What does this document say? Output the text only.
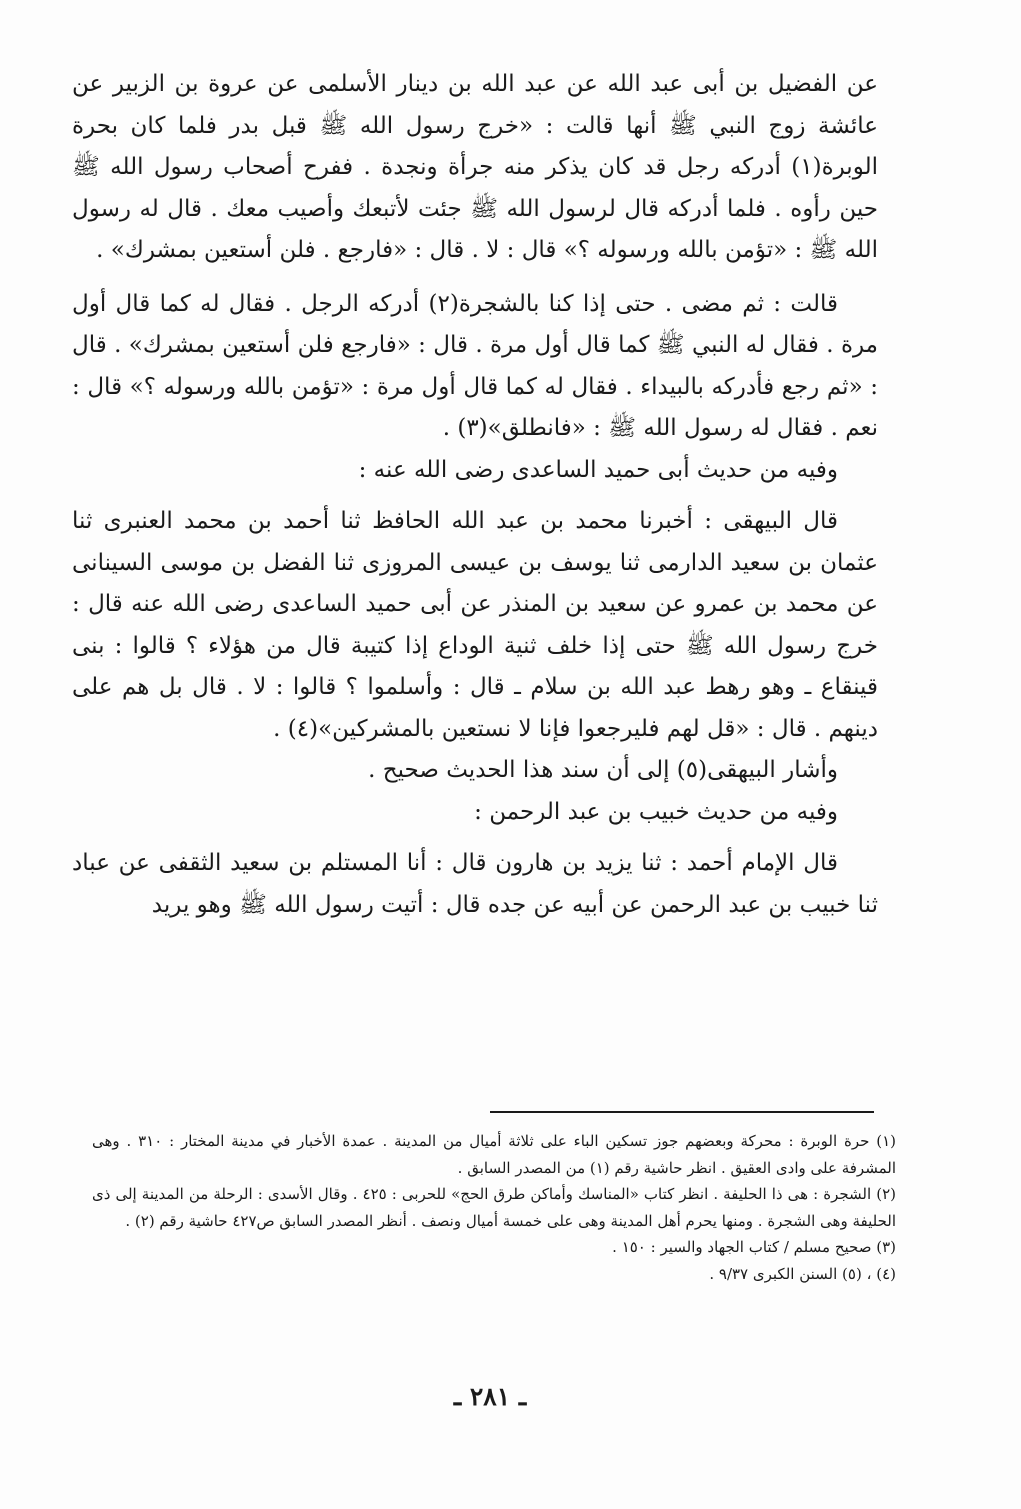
عن الفضيل بن أبى عبد الله عن عبد الله بن دينار الأسلمى عن عروة بن الزبير عن عائشة زوج النبي ﷺ أنها قالت : «خرج رسول الله ﷺ قبل بدر فلما كان بحرة الوبرة(١) أدركه رجل قد كان يذكر منه جرأة ونجدة . ففرح أصحاب رسول الله ﷺ حين رأوه . فلما أدركه قال لرسول الله ﷺ جئت لأتبعك وأصيب معك . قال له رسول الله ﷺ : «تؤمن بالله ورسوله ؟» قال : لا . قال : «فارجع . فلن أستعين بمشرك» .

قالت : ثم مضى . حتى إذا كنا بالشجرة(٢) أدركه الرجل . فقال له كما قال أول مرة . فقال له النبي ﷺ كما قال أول مرة . قال : «فارجع فلن أستعين بمشرك» . قال : «ثم رجع فأدركه بالبيداء . فقال له كما قال أول مرة : «تؤمن بالله ورسوله ؟» قال : نعم . فقال له رسول الله ﷺ : «فانطلق»(٣) .

وفيه من حديث أبى حميد الساعدى رضى الله عنه :

قال البيهقى : أخبرنا محمد بن عبد الله الحافظ ثنا أحمد بن محمد العنبرى ثنا عثمان بن سعيد الدارمى ثنا يوسف بن عيسى المروزى ثنا الفضل بن موسى السينانى عن محمد بن عمرو عن سعيد بن المنذر عن أبى حميد الساعدى رضى الله عنه قال : خرج رسول الله ﷺ حتى إذا خلف ثنية الوداع إذا كتيبة قال من هؤلاء ؟ قالوا : بنى قينقاع ـ وهو رهط عبد الله بن سلام ـ قال : وأسلموا ؟ قالوا : لا . قال بل هم على دينهم . قال : «قل لهم فليرجعوا فإنا لا نستعين بالمشركين»(٤) .

وأشار البيهقى(٥) إلى أن سند هذا الحديث صحيح .

وفيه من حديث خبيب بن عبد الرحمن :

قال الإمام أحمد : ثنا يزيد بن هارون قال : أنا المستلم بن سعيد الثقفى عن عباد ثنا خبيب بن عبد الرحمن عن أبيه عن جده قال : أتيت رسول الله ﷺ وهو يريد

(١) حرة الوبرة : محركة وبعضهم جوز تسكين الباء على ثلاثة أميال من المدينة . عمدة الأخبار في مدينة المختار : ٣١٠ . وهى المشرفة على وادى العقيق . انظر حاشية رقم (١) من المصدر السابق .

(٢) الشجرة : هى ذا الحليفة . انظر كتاب «المناسك وأماكن طرق الحج» للحربى : ٤٢٥ . وقال الأسدى : الرحلة من المدينة إلى ذى الحليفة وهى الشجرة . ومنها يحرم أهل المدينة وهى على خمسة أميال ونصف . أنظر المصدر السابق ص٤٢٧ حاشية رقم (٢) .

(٣) صحيح مسلم / كتاب الجهاد والسير : ١٥٠ .

(٤) ، (٥) السنن الكبرى ٩/٣٧ .

ـ ٢٨١ ـ
